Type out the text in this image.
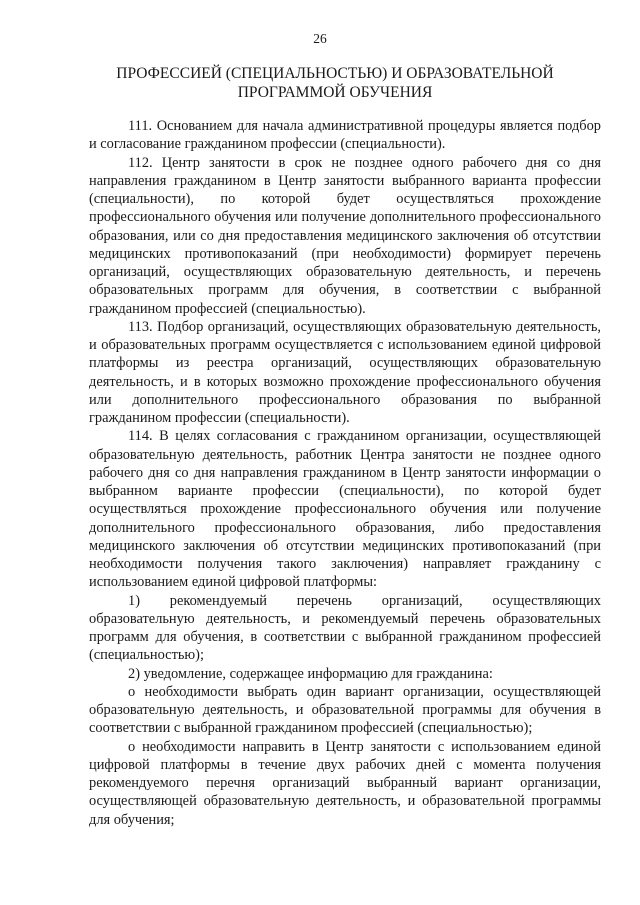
26
ПРОФЕССИЕЙ (СПЕЦИАЛЬНОСТЬЮ) И ОБРАЗОВАТЕЛЬНОЙ
ПРОГРАММОЙ ОБУЧЕНИЯ

111. Основанием для начала административной процедуры является подбор и согласование гражданином профессии (специальности).

112. Центр занятости в срок не позднее одного рабочего дня со дня направления гражданином в Центр занятости выбранного варианта профессии (специальности), по которой будет осуществляться прохождение профессионального обучения или получение дополнительного профессионального образования, или со дня предоставления медицинского заключения об отсутствии медицинских противопоказаний (при необходимости) формирует перечень организаций, осуществляющих образовательную деятельность, и перечень образовательных программ для обучения, в соответствии с выбранной гражданином профессией (специальностью).

113. Подбор организаций, осуществляющих образовательную деятельность, и образовательных программ осуществляется с использованием единой цифровой платформы из реестра организаций, осуществляющих образовательную деятельность, и в которых возможно прохождение профессионального обучения или дополнительного профессионального образования по выбранной гражданином профессии (специальности).

114. В целях согласования с гражданином организации, осуществляющей образовательную деятельность, работник Центра занятости не позднее одного рабочего дня со дня направления гражданином в Центр занятости информации о выбранном варианте профессии (специальности), по которой будет осуществляться прохождение профессионального обучения или получение дополнительного профессионального образования, либо предоставления медицинского заключения об отсутствии медицинских противопоказаний (при необходимости получения такого заключения) направляет гражданину с использованием единой цифровой платформы:

1) рекомендуемый перечень организаций, осуществляющих образовательную деятельность, и рекомендуемый перечень образовательных программ для обучения, в соответствии с выбранной гражданином профессией (специальностью);

2) уведомление, содержащее информацию для гражданина:

о необходимости выбрать один вариант организации, осуществляющей образовательную деятельность, и образовательной программы для обучения в соответствии с выбранной гражданином профессией (специальностью);

о необходимости направить в Центр занятости с использованием единой цифровой платформы в течение двух рабочих дней с момента получения рекомендуемого перечня организаций выбранный вариант организации, осуществляющей образовательную деятельность, и образовательной программы для обучения;
